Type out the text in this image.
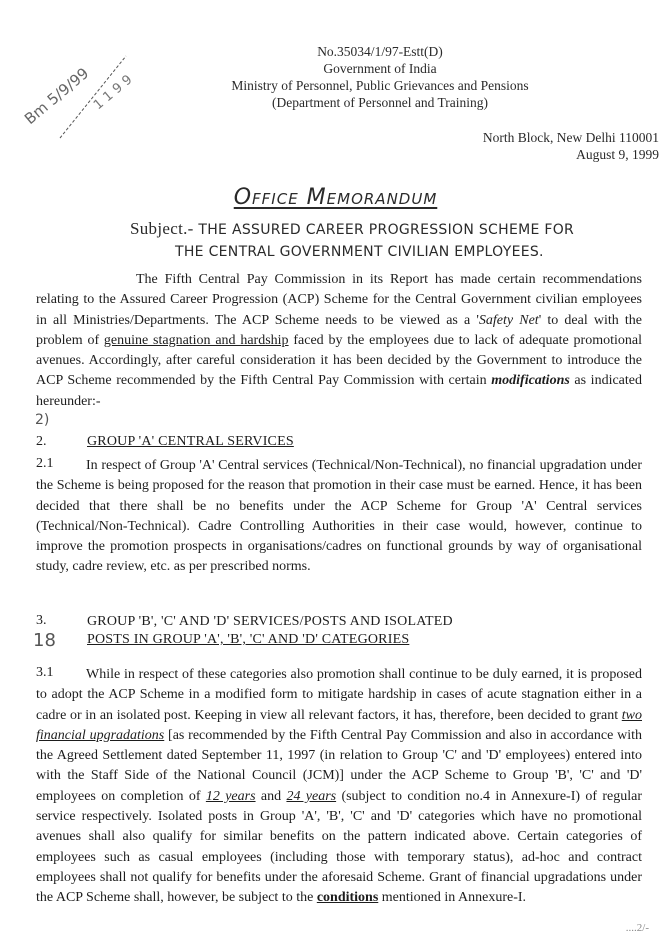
Bm 5/9/99
1 1 9 9
No.35034/1/97-Estt(D)
Government of India
Ministry of Personnel, Public Grievances and Pensions
(Department of Personnel and Training)
North Block, New Delhi 110001
August 9, 1999
Office Memorandum
Subject.- THE ASSURED CAREER PROGRESSION SCHEME FOR
THE CENTRAL GOVERNMENT CIVILIAN EMPLOYEES.
The Fifth Central Pay Commission in its Report has made certain recommendations relating to the Assured Career Progression (ACP) Scheme for the Central Government civilian employees in all Ministries/Departments. The ACP Scheme needs to be viewed as a 'Safety Net' to deal with the problem of genuine stagnation and hardship faced by the employees due to lack of adequate promotional avenues. Accordingly, after careful consideration it has been decided by the Government to introduce the ACP Scheme recommended by the Fifth Central Pay Commission with certain modifications as indicated hereunder:-
2)
2.	GROUP 'A' CENTRAL SERVICES
2.1	In respect of Group 'A' Central services (Technical/Non-Technical), no financial upgradation under the Scheme is being proposed for the reason that promotion in their case must be earned. Hence, it has been decided that there shall be no benefits under the ACP Scheme for Group 'A' Central services (Technical/Non-Technical). Cadre Controlling Authorities in their case would, however, continue to improve the promotion prospects in organisations/cadres on functional grounds by way of organisational study, cadre review, etc. as per prescribed norms.
3.
18
GROUP 'B', 'C' AND 'D' SERVICES/POSTS AND ISOLATED
POSTS IN GROUP 'A', 'B', 'C' AND 'D' CATEGORIES
3.1	While in respect of these categories also promotion shall continue to be duly earned, it is proposed to adopt the ACP Scheme in a modified form to mitigate hardship in cases of acute stagnation either in a cadre or in an isolated post. Keeping in view all relevant factors, it has, therefore, been decided to grant two financial upgradations [as recommended by the Fifth Central Pay Commission and also in accordance with the Agreed Settlement dated September 11, 1997 (in relation to Group 'C' and 'D' employees) entered into with the Staff Side of the National Council (JCM)] under the ACP Scheme to Group 'B', 'C' and 'D' employees on completion of 12 years and 24 years (subject to condition no.4 in Annexure-I) of regular service respectively. Isolated posts in Group 'A', 'B', 'C' and 'D' categories which have no promotional avenues shall also qualify for similar benefits on the pattern indicated above. Certain categories of employees such as casual employees (including those with temporary status), ad-hoc and contract employees shall not qualify for benefits under the aforesaid Scheme. Grant of financial upgradations under the ACP Scheme shall, however, be subject to the conditions mentioned in Annexure-I.
....2/-
